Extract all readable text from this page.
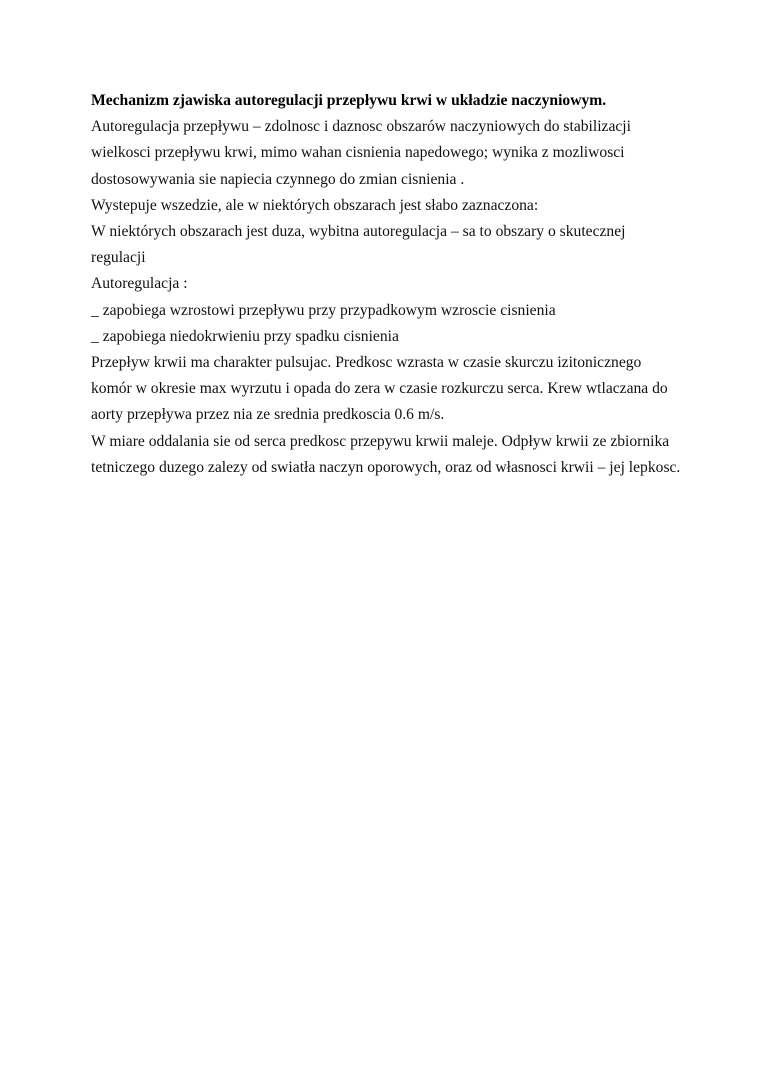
Mechanizm zjawiska autoregulacji przepływu krwi w układzie naczyniowym.
Autoregulacja przepływu – zdolnosc i daznosc obszarów naczyniowych do stabilizacji
wielkosci przepływu krwi, mimo wahan cisnienia napedowego; wynika z mozliwosci
dostosowywania sie napiecia czynnego do zmian cisnienia .
Wystepuje wszedzie, ale w niektórych obszarach jest słabo zaznaczona:
W niektórych obszarach jest duza, wybitna autoregulacja – sa to obszary o skutecznej
regulacji
Autoregulacja :
_ zapobiega wzrostowi przepływu przy przypadkowym wzroscie cisnienia
_ zapobiega niedokrwieniu przy spadku cisnienia
Przepływ krwii ma charakter pulsujac. Predkosc wzrasta w czasie skurczu izitonicznego
komór w okresie max wyrzutu i opada do zera w czasie rozkurczu serca. Krew wtlaczana do
aorty przepływa przez nia ze srednia predkoscia 0.6 m/s.
W miare oddalania sie od serca predkosc przepywu krwii maleje. Odpływ krwii ze zbiornika
tetniczego duzego zalezy od swiatła naczyn oporowych, oraz od własnosci krwii – jej lepkosc.
